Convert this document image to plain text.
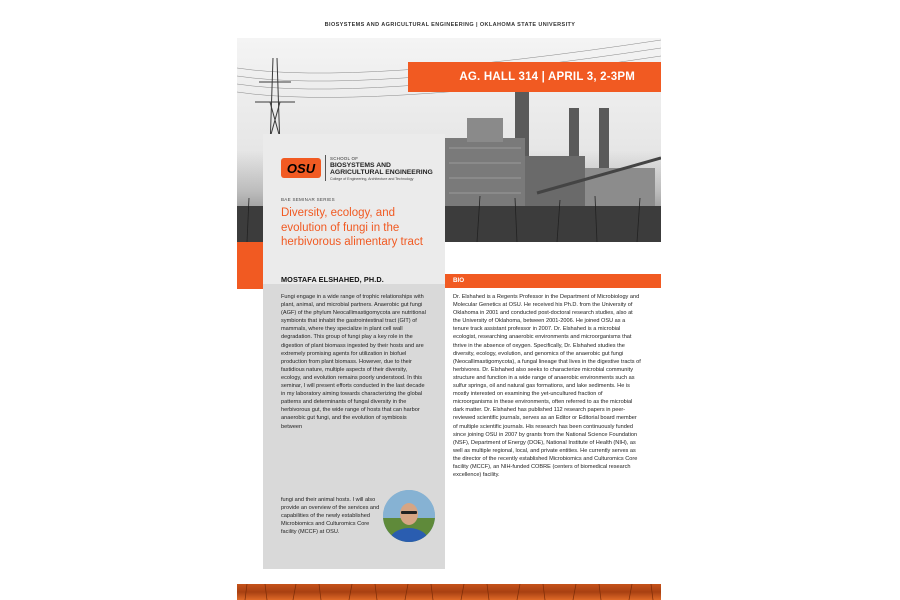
BIOSYSTEMS AND AGRICULTURAL ENGINEERING | OKLAHOMA STATE UNIVERSITY
AG. HALL 314 | APRIL 3, 2-3PM
OSU
SCHOOL OF
BIOSYSTEMS AND AGRICULTURAL ENGINEERING
College of Engineering, Architecture and Technology
BAE SEMINAR SERIES
Diversity, ecology, and evolution of fungi in the herbivorous alimentary tract
MOSTAFA ELSHAHED, PH.D.
Fungi engage in a wide range of trophic relationships with plant, animal, and microbial partners. Anaerobic gut fungi (AGF) of the phylum Neocallimastigomycota are nutritional symbionts that inhabit the gastrointestinal tract (GIT) of mammals, where they specialize in plant cell wall degradation. This group of fungi play a key role in the digestion of plant biomass ingested by their hosts and are extremely promising agents for utilization in biofuel production from plant biomass. However, due to their fastidious nature, multiple aspects of their diversity, ecology, and evolution remains poorly understood. In this seminar, I will present efforts conducted in the last decade in my laboratory aiming towards characterizing the global patterns and determinants of fungal diversity in the herbivorous gut, the wide range of hosts that can harbor anaerobic gut fungi, and the evolution of symbiosis between
fungi and their animal hosts. I will also provide an overview of the services and capabilities of the newly established Microbiomics and Culturomics Core facility (MCCF) at OSU.
BIO
Dr. Elshahed is a Regents Professor in the Department of Microbiology and Molecular Genetics at OSU. He received his Ph.D. from the University of Oklahoma in 2001 and conducted post-doctoral research studies, also at the University of Oklahoma, between 2001-2006. He joined OSU as a tenure track assistant professor in 2007. Dr. Elshahed is a microbial ecologist, researching anaerobic environments and microorganisms that thrive in the absence of oxygen. Specifically, Dr. Elshahed studies the diversity, ecology, evolution, and genomics of the anaerobic gut fungi (Neocallimastigomycota), a fungal lineage that lives in the digestive tracts of herbivores. Dr. Elshahed also seeks to characterize microbial community structure and function in a wide range of anaerobic environments such as sulfur springs, oil and natural gas formations, and lake sediments. He is mostly interested on examining the yet-uncultured fraction of microorganisms in these environments, often referred to as the microbial dark matter. Dr. Elshahed has published 112 research papers in peer-reviewed scientific journals, serves as an Editor or Editorial board member of multiple scientific journals. His research has been continuously funded since joining OSU in 2007 by grants from the National Science Foundation (NSF), Department of Energy (DOE), National Institute of Health (NIH), as well as multiple regional, local, and private entities. He currently serves as the director of the recently established Microbiomics and Culturomics Core facility (MCCF), an NIH-funded COBRE (centers of biomedical research excellence) facility.
